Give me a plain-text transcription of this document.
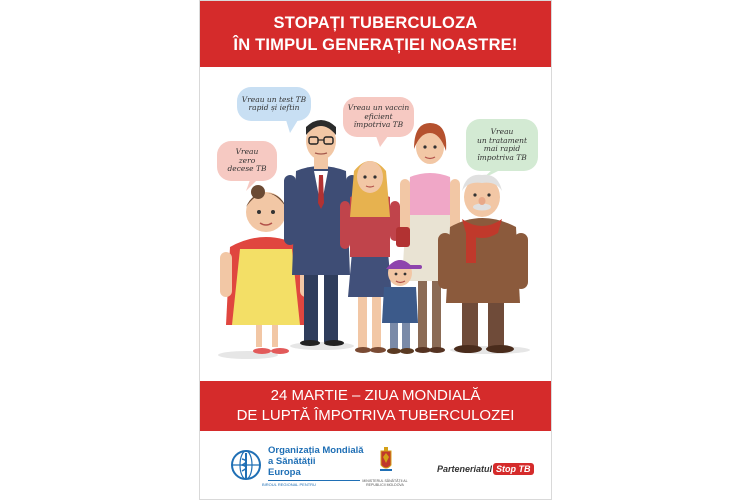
STOPAȚI TUBERCULOZA
ÎN TIMPUL GENERAȚIEI NOASTRE!
Vreau
zero
decese TB
Vreau un test TB
rapid și ieftin	Vreau un vaccin
eficient
împotriva TB
Vreau
un tratament
mai rapid
împotriva TB
24 MARTIE – ZIUA MONDIALĂ
DE LUPTĂ ÎMPOTRIVA TUBERCULOZEI
Organizația Mondială
a Sănătății
Europa
BIROUL REGIONAL PENTRU
MINISTERUL SĂNĂTĂȚII AL REPUBLICII MOLDOVA
Parteneriatul Stop TB
